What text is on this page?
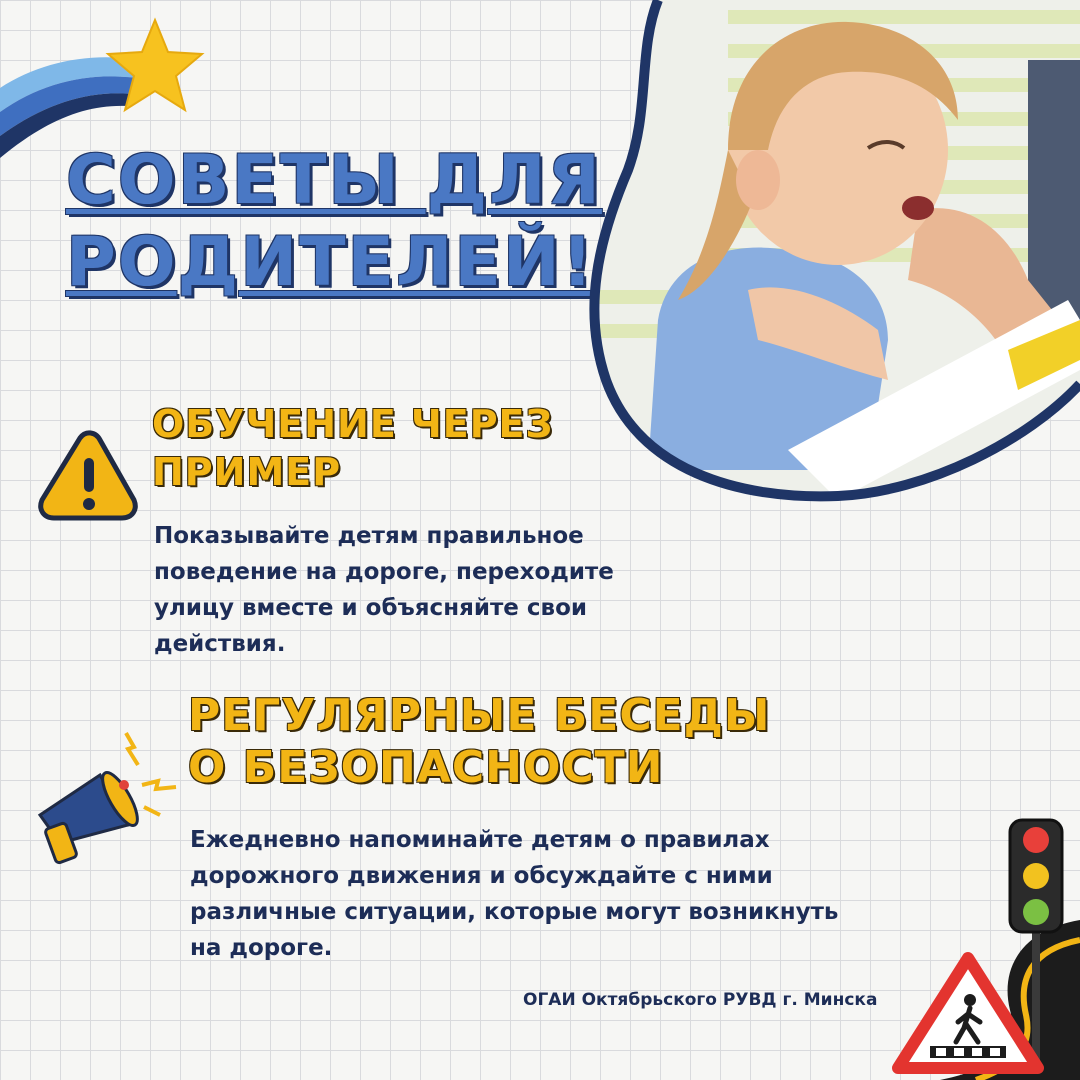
СОВЕТЫ ДЛЯ
РОДИТЕЛЕЙ!
ОБУЧЕНИЕ ЧЕРЕЗ
ПРИМЕР

Показывайте детям правильное поведение на дороге, переходите улицу вместе и объясняйте свои действия.

РЕГУЛЯРНЫЕ БЕСЕДЫ
О БЕЗОПАСНОСТИ

Ежедневно напоминайте детям о правилах дорожного движения и обсуждайте с ними различные ситуации, которые могут возникнуть на дороге.

ОГАИ Октябрьского РУВД г. Минска
